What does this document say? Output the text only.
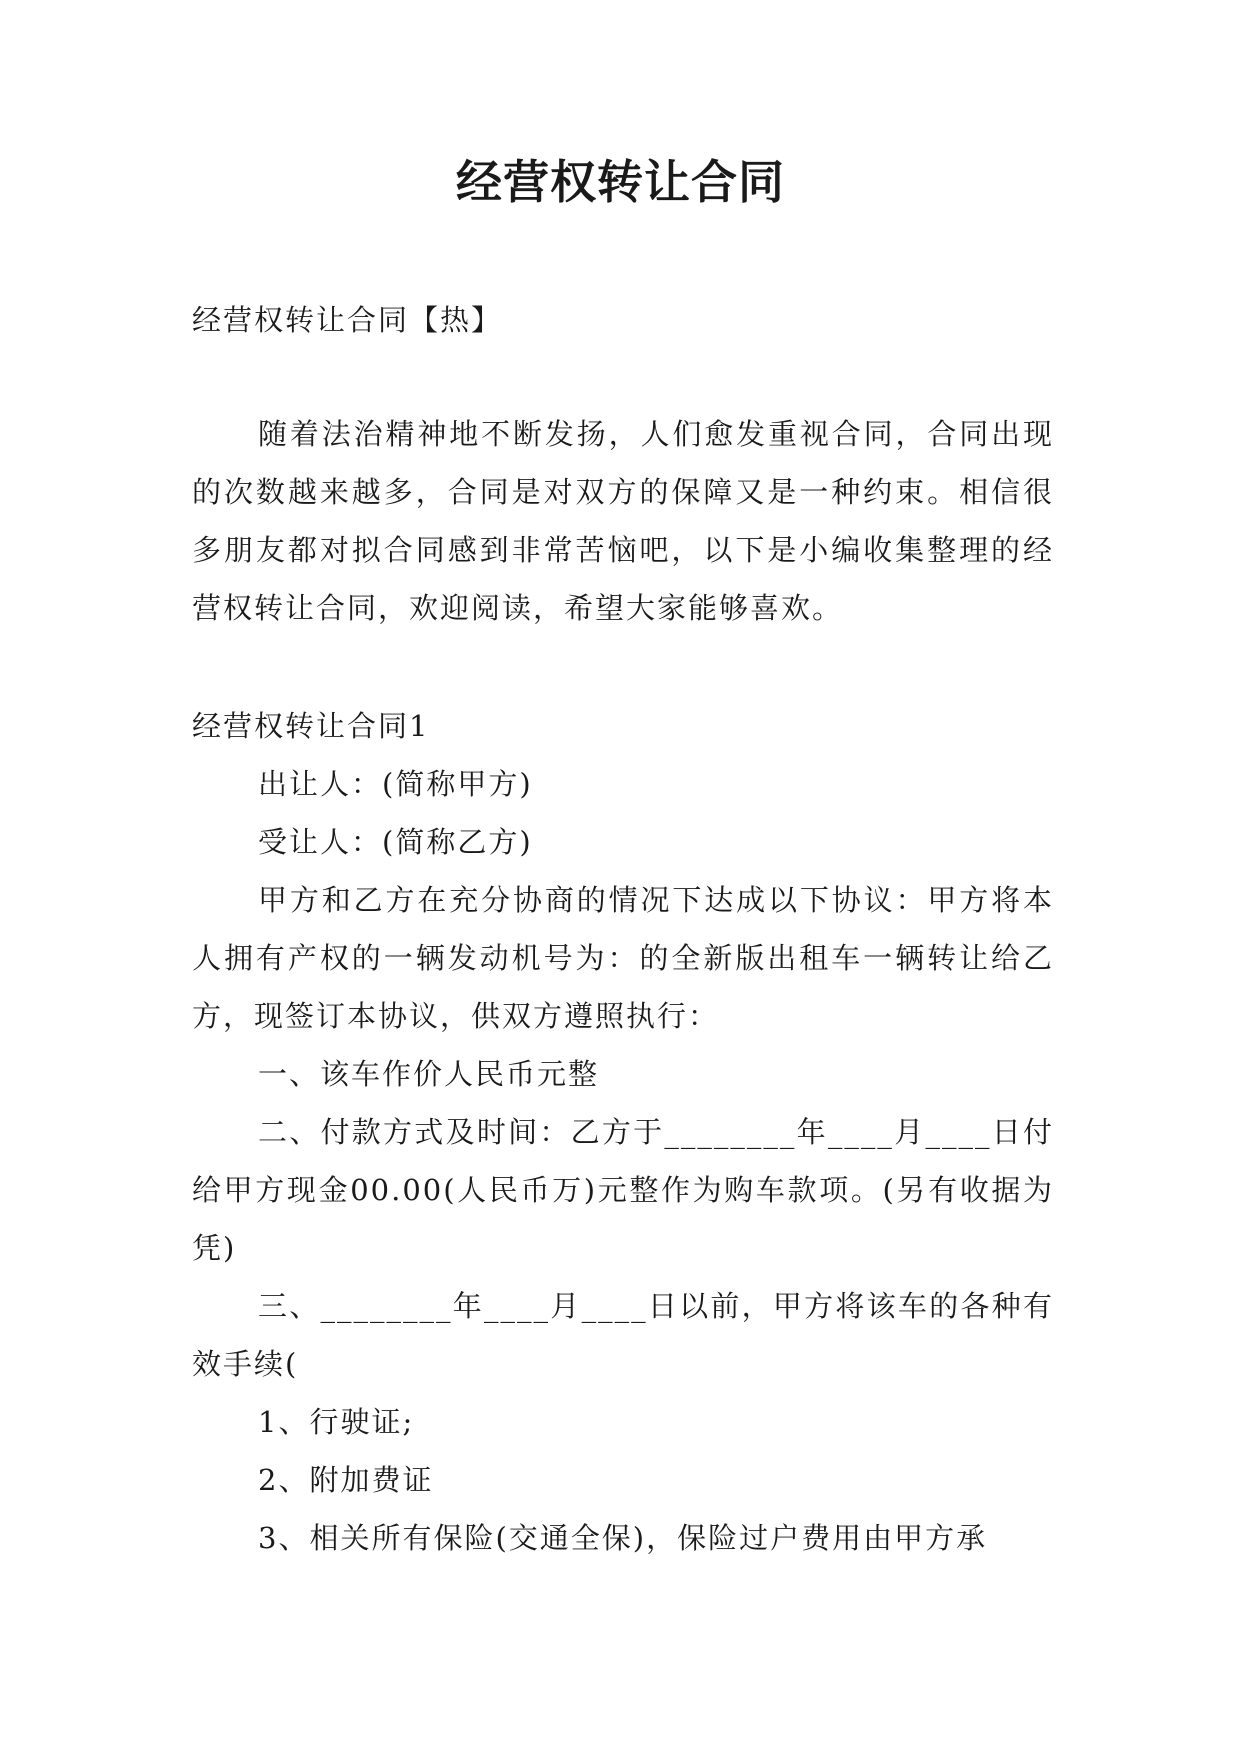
经营权转让合同

经营权转让合同【热】

随着法治精神地不断发扬，人们愈发重视合同，合同出现的次数越来越多，合同是对双方的保障又是一种约束。相信很多朋友都对拟合同感到非常苦恼吧，以下是小编收集整理的经营权转让合同，欢迎阅读，希望大家能够喜欢。

经营权转让合同1

出让人：(简称甲方)

受让人：(简称乙方)

甲方和乙方在充分协商的情况下达成以下协议：甲方将本人拥有产权的一辆发动机号为：的全新版出租车一辆转让给乙方，现签订本协议，供双方遵照执行：

一、该车作价人民币元整

二、付款方式及时间：乙方于________年____月____日付给甲方现金00.00(人民币万)元整作为购车款项。(另有收据为凭)

三、________年____月____日以前，甲方将该车的各种有效手续(

1、行驶证;

2、附加费证

3、相关所有保险(交通全保)，保险过户费用由甲方承
